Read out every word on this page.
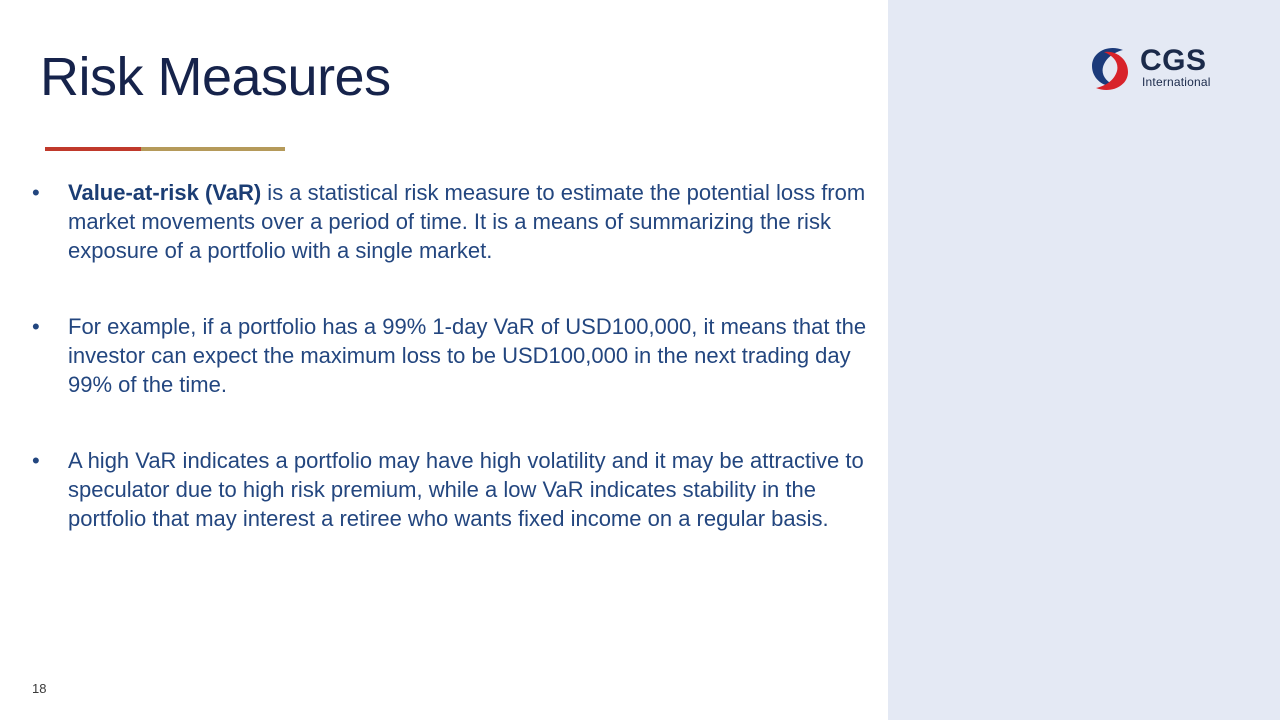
CGS
International
Risk Measures
•	Value-at-risk (VaR) is a statistical risk measure to estimate the potential loss from market movements over a period of time. It is a means of summarizing the risk exposure of a portfolio with a single market.
•	For example, if a portfolio has a 99% 1-day VaR of USD100,000, it means that the investor can expect the maximum loss to be USD100,000 in the next trading day 99% of the time.
•	A high VaR indicates a portfolio may have high volatility and it may be attractive to speculator due to high risk premium, while a low VaR indicates stability in the portfolio that may interest a retiree who wants fixed income on a regular basis.
18
